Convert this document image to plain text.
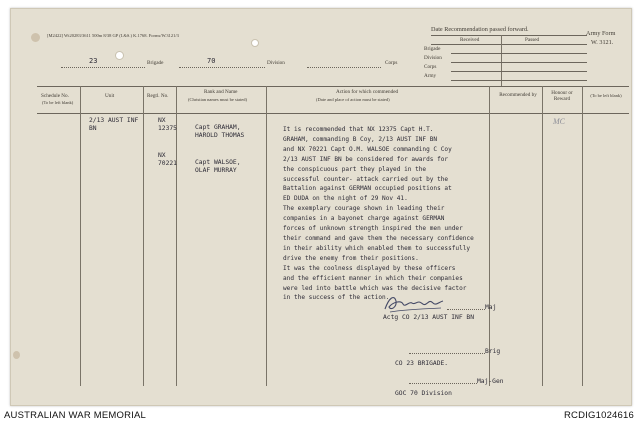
[M2422] Wt20283/3611 500m 8/38 GP (I.&S.) K.1768. Forms/W.3121/3
23	Brigade	70	Division	Corps
Date Recommendation passed forward.
Received	Passed
Brigade
Division
Corps
Army
Army Form
W. 3121.
Schedule No.
(To be left blank)
Unit	Regtl. No.
Rank and Name
(Christian names must be stated)
Action for which commended
(Date and place of action must be stated)
Recommended by	Honour or Reward
(To be left blank)
2/13 AUST INF BN
NX 12375	Capt GRAHAM,
HAROLD THOMAS
NX 70221	Capt WALSOE,
OLAF MURRAY
MC
It is recommended that NX 12375 Capt H.T.
GRAHAM, commanding B Coy, 2/13 AUST INF BN
and NX 70221 Capt O.M. WALSOE commanding C Coy
2/13 AUST INF BN be considered for awards for
the conspicuous part they played in the
successful counter- attack carried out by the
Battalion against GERMAN occupied positions at
ED DUDA on the night of 29 Nov 41.
The exemplary courage shown in leading their
companies in a bayonet charge against GERMAN
forces of unknown strength inspired the men under
their command and gave them the necessary confidence
in their ability which enabled them to successfully
drive the enemy from their positions.
It was the coolness displayed by these officers
and the efficient manner in which their companies
were led into battle which was the decisive factor
in the success of the action.
Maj
Actg CO 2/13 AUST INF BN
Brig
CO 23 BRIGADE.
Maj-Gen
GOC 70 Division
AUSTRALIAN WAR MEMORIAL	RCDIG1024616
